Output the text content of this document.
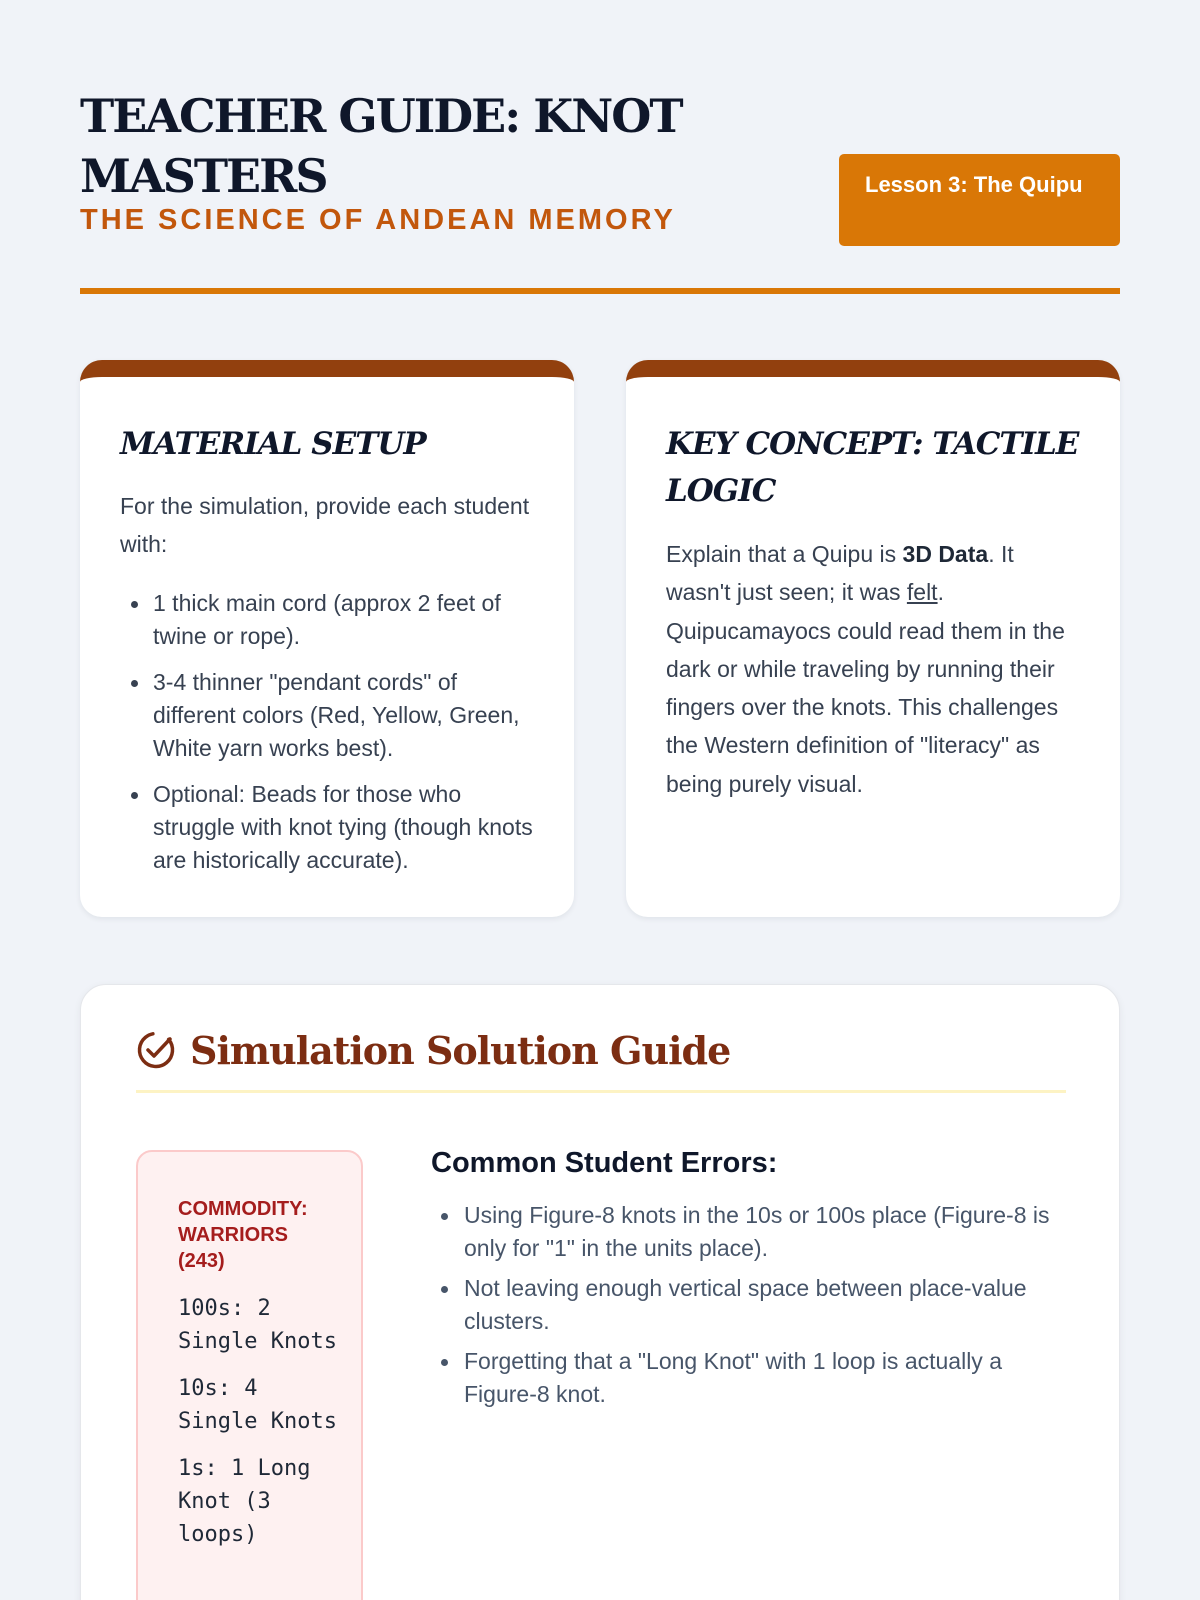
TEACHER GUIDE: KNOT MASTERS
THE SCIENCE OF ANDEAN MEMORY
Lesson 3: The Quipu
MATERIAL SETUP

For the simulation, provide each student with:

1 thick main cord (approx 2 feet of twine or rope).
3-4 thinner "pendant cords" of different colors (Red, Yellow, Green, White yarn works best).
Optional: Beads for those who struggle with knot tying (though knots are historically accurate).
KEY CONCEPT: TACTILE LOGIC

Explain that a Quipu is 3D Data. It wasn't just seen; it was felt. Quipucamayocs could read them in the dark or while traveling by running their fingers over the knots. This challenges the Western definition of "literacy" as being purely visual.

Simulation Solution Guide
COMMODITY: WARRIORS (243)
100s: 2 Single Knots
10s: 4 Single Knots
1s: 1 Long Knot (3 loops)
Common Student Errors:
Using Figure-8 knots in the 10s or 100s place (Figure-8 is only for "1" in the units place).
Not leaving enough vertical space between place-value clusters.
Forgetting that a "Long Knot" with 1 loop is actually a Figure-8 knot.
